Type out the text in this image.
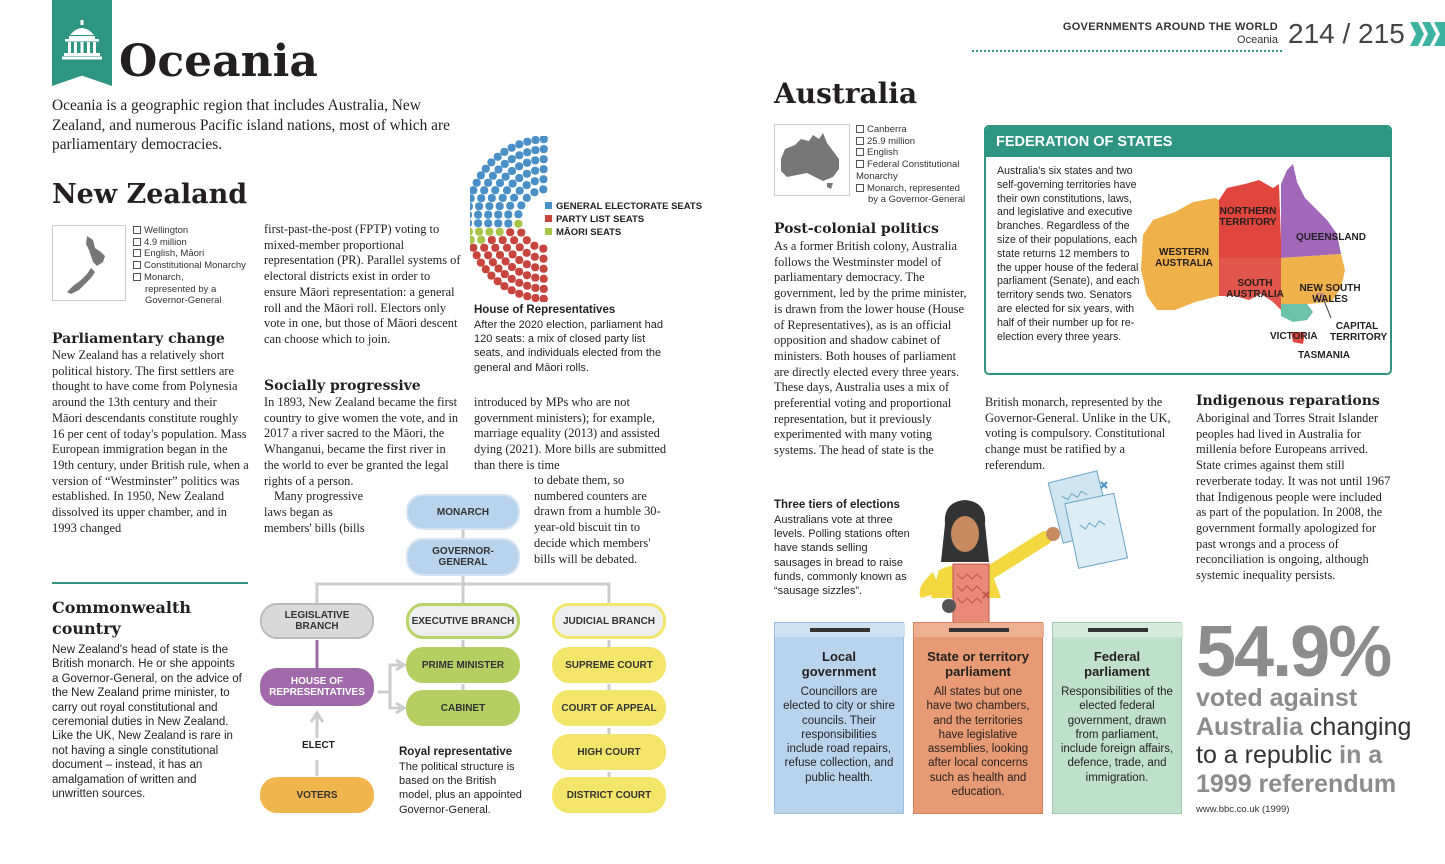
Oceania
Oceania is a geographic region that includes Australia, New Zealand, and numerous Pacific island nations, most of which are parliamentary democracies.
New Zealand
Wellington
4.9 million
English, Māori
Constitutional Monarchy
Monarch,
represented by a
Governor-General
Parliamentary change
New Zealand has a relatively short political history. The first settlers are thought to have come from Polynesia around the 13th century and their Māori descendants constitute roughly 16 per cent of today's population. Mass European immigration began in the 19th century, under British rule, when a version of “Westminster” politics was established. In 1950, New Zealand dissolved its upper chamber, and in 1993 changed
first-past-the-post (FPTP) voting to mixed-member proportional representation (PR). Parallel systems of electoral districts exist in order to ensure Māori representation: a general roll and the Māori roll. Electors only vote in one, but those of Māori descent can choose which to join.
Socially progressive
In 1893, New Zealand became the first country to give women the vote, and in 2017 a river sacred to the Māori, the Whanganui, became the first river in the world to ever be granted the legal rights of a person.
Many progressive laws began as members' bills (bills
introduced by MPs who are not government ministers); for example, marriage equality (2013) and assisted dying (2021). More bills are submitted than there is time
to debate them, so numbered counters are drawn from a humble 30-year-old biscuit tin to decide which members' bills will be debated.
Commonwealth country
New Zealand's head of state is the British monarch. He or she appoints a Governor-General, on the advice of the New Zealand prime minister, to carry out royal constitutional and ceremonial duties in New Zealand. Like the UK, New Zealand is rare in not having a single constitutional document – instead, it has an amalgamation of written and unwritten sources.
GENERAL ELECTORATE SEATS
PARTY LIST SEATS
MĀORI SEATS
House of Representatives
After the 2020 election, parliament had 120 seats: a mix of closed party list seats, and individuals elected from the general and Māori rolls.
MONARCH
GOVERNOR-GENERAL
LEGISLATIVE BRANCH	EXECUTIVE BRANCH	JUDICIAL BRANCH
HOUSE OF REPRESENTATIVES
PRIME MINISTER
CABINET
ELECT
VOTERS
SUPREME COURT
COURT OF APPEAL
HIGH COURT
DISTRICT COURT
Royal representative
The political structure is based on the British model, plus an appointed Governor-General.
GOVERNMENTS AROUND THE WORLD
Oceania 214 / 215
Australia
Canberra
25.9 million
English
Federal Constitutional
Monarchy
Monarch, represented
by a Governor-General
FEDERATION OF STATES
Australia's six states and two self-governing territories have their own constitutions, laws, and legislative and executive branches. Regardless of the size of their populations, each state returns 12 members to the upper house of the federal parliament (Senate), and each territory sends two. Senators are elected for six years, with half of their number up for re-election every three years.
NORTHERN TERRITORY
WESTERN AUSTRALIA
QUEENSLAND
SOUTH AUSTRALIA
NEW SOUTH WALES
CAPITAL TERRITORY
VICTORIA
TASMANIA
Post-colonial politics
As a former British colony, Australia follows the Westminster model of parliamentary democracy. The government, led by the prime minister, is drawn from the lower house (House of Representatives), as is an official opposition and shadow cabinet of ministers. Both houses of parliament are directly elected every three years. These days, Australia uses a mix of preferential voting and proportional representation, but it previously experimented with many voting systems. The head of state is the
British monarch, represented by the Governor-General. Unlike in the UK, voting is compulsory. Constitutional change must be ratified by a referendum.
Indigenous reparations
Aboriginal and Torres Strait Islander peoples had lived in Australia for millenia before Europeans arrived. State crimes against them still reverberate today. It was not until 1967 that Indigenous people were included as part of the population. In 2008, the government formally apologized for past wrongs and a process of reconciliation is ongoing, although systemic inequality persists.
Three tiers of elections
Australians vote at three levels. Polling stations often have stands selling sausages in bread to raise funds, commonly known as “sausage sizzles”.
Local government
Councillors are elected to city or shire councils. Their responsibilities include road repairs, refuse collection, and public health.
State or territory parliament
All states but one have two chambers, and the territories have legislative assemblies, looking after local concerns such as health and education.
Federal parliament
Responsibilities of the elected federal government, drawn from parliament, include foreign affairs, defence, trade, and immigration.
54.9%
voted against
Australia changing
to a republic in a
1999 referendum
www.bbc.co.uk (1999)
